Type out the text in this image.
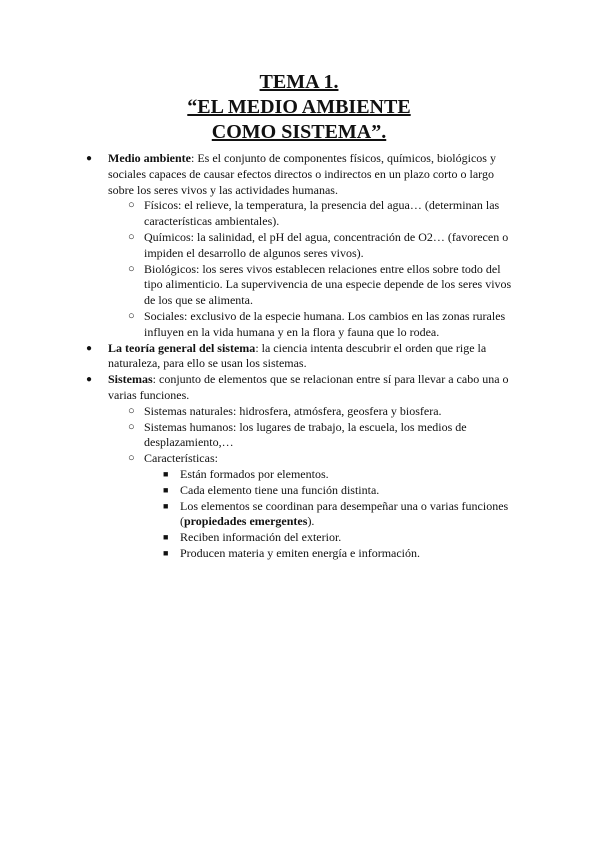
TEMA 1.
“EL MEDIO AMBIENTE
COMO SISTEMA”.
● Medio ambiente: Es el conjunto de componentes físicos, químicos, biológicos y sociales capaces de causar efectos directos o indirectos en un plazo corto o largo sobre los seres vivos y las actividades humanas.
○ Físicos: el relieve, la temperatura, la presencia del agua… (determinan las características ambientales).
○ Químicos: la salinidad, el pH del agua, concentración de O2… (favorecen o impiden el desarrollo de algunos seres vivos).
○ Biológicos: los seres vivos establecen relaciones entre ellos sobre todo del tipo alimenticio. La supervivencia de una especie depende de los seres vivos de los que se alimenta.
○ Sociales: exclusivo de la especie humana. Los cambios en las zonas rurales influyen en la vida humana y en la flora y fauna que lo rodea.
● La teoría general del sistema: la ciencia intenta descubrir el orden que rige la naturaleza, para ello se usan los sistemas.
● Sistemas: conjunto de elementos que se relacionan entre sí para llevar a cabo una o varias funciones.
○ Sistemas naturales: hidrosfera, atmósfera, geosfera y biosfera.
○ Sistemas humanos: los lugares de trabajo, la escuela, los medios de desplazamiento,…
○ Características:
■ Están formados por elementos.
■ Cada elemento tiene una función distinta.
■ Los elementos se coordinan para desempeñar una o varias funciones (propiedades emergentes).
■ Reciben información del exterior.
■ Producen materia y emiten energía e información.
